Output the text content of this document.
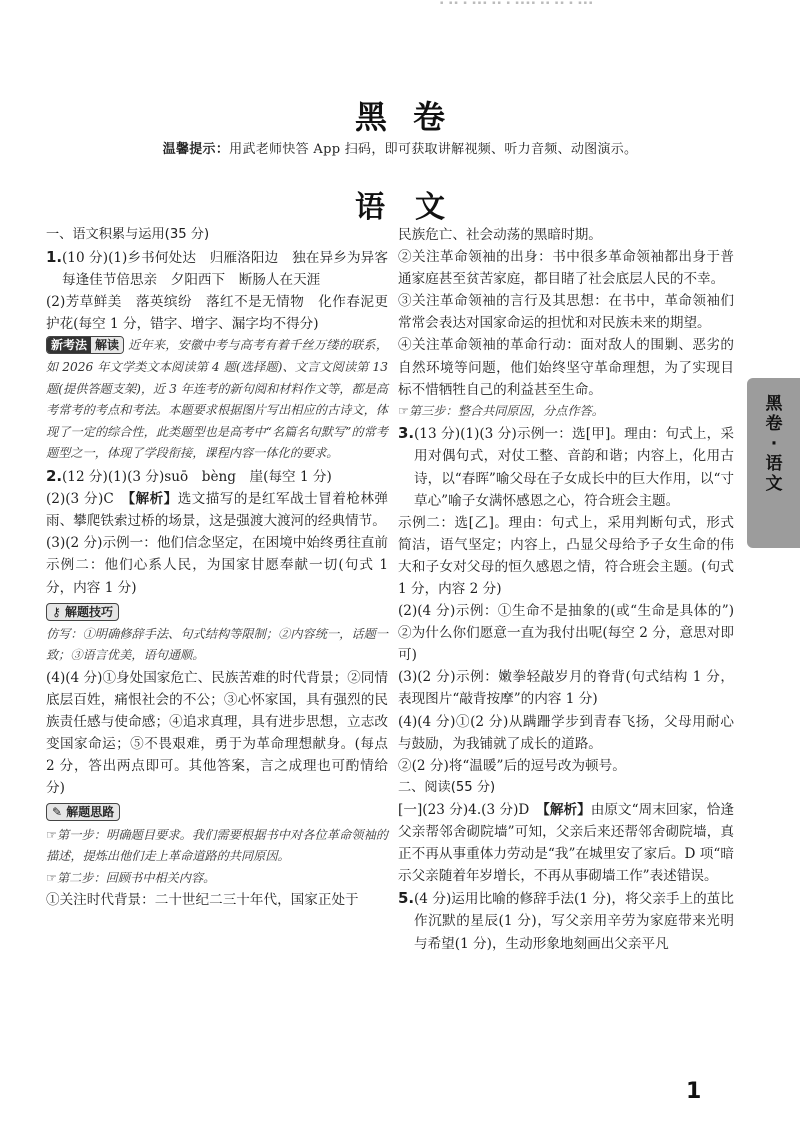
▪ ▪▪ ▪ ▪▪▪ ▪▪ ▪ ▪▪▪▪ ▪▪ ▪▪ ▪ ▪▪▪
黑卷
温馨提示：用武老师快答 App 扫码，即可获取讲解视频、听力音频、动图演示。
语文

一、语文积累与运用(35 分)

1.(10 分)(1)乡书何处达　归雁洛阳边　独在异乡为异客　每逢佳节倍思亲　夕阳西下　断肠人在天涯

(2)芳草鲜美　落英缤纷　落红不是无情物　化作春泥更护花(每空 1 分，错字、增字、漏字均不得分)

新考法 解读 近年来，安徽中考与高考有着千丝万缕的联系，如 2026 年文学类文本阅读第 4 题(选择题)、文言文阅读第 13 题(提供答题支架)，近 3 年连考的新句阅和材料作文等，都是高考常考的考点和考法。本题要求根据图片写出相应的古诗文，体现了一定的综合性，此类题型也是高考中“名篇名句默写”的常考题型之一，体现了学段衔接，课程内容一体化的要求。

2.(12 分)(1)(3 分)suō　bèng　崖(每空 1 分)

(2)(3 分)C　【解析】选文描写的是红军战士冒着枪林弹雨、攀爬铁索过桥的场景，这是强渡大渡河的经典情节。

(3)(2 分)示例一：他们信念坚定，在困境中始终勇往直前　示例二：他们心系人民，为国家甘愿奉献一切(句式 1 分，内容 1 分)

⚷ 解题技巧

仿写：①明确修辞手法、句式结构等限制；②内容统一，话题一致；③语言优美，语句通顺。

(4)(4 分)①身处国家危亡、民族苦难的时代背景；②同情底层百姓，痛恨社会的不公；③心怀家国，具有强烈的民族责任感与使命感；④追求真理，具有进步思想，立志改变国家命运；⑤不畏艰难，勇于为革命理想献身。(每点 2 分，答出两点即可。其他答案，言之成理也可酌情给分)

✎ 解题思路

☞第一步：明确题目要求。我们需要根据书中对各位革命领袖的描述，提炼出他们走上革命道路的共同原因。

☞第二步：回顾书中相关内容。

①关注时代背景：二十世纪二三十年代，国家正处于

民族危亡、社会动荡的黑暗时期。

②关注革命领袖的出身：书中很多革命领袖都出身于普通家庭甚至贫苦家庭，都目睹了社会底层人民的不幸。

③关注革命领袖的言行及其思想：在书中，革命领袖们常常会表达对国家命运的担忧和对民族未来的期望。

④关注革命领袖的革命行动：面对敌人的围剿、恶劣的自然环境等问题，他们始终坚守革命理想，为了实现目标不惜牺牲自己的利益甚至生命。

☞第三步：整合共同原因，分点作答。

3.(13 分)(1)(3 分)示例一：选[甲]。理由：句式上，采用对偶句式，对仗工整、音韵和谐；内容上，化用古诗，以“春晖”喻父母在子女成长中的巨大作用，以“寸草心”喻子女满怀感恩之心，符合班会主题。

示例二：选[乙]。理由：句式上，采用判断句式，形式简洁，语气坚定；内容上，凸显父母给予子女生命的伟大和子女对父母的恒久感恩之情，符合班会主题。(句式 1 分，内容 2 分)

(2)(4 分)示例：①生命不是抽象的(或“生命是具体的”)　②为什么你们愿意一直为我付出呢(每空 2 分，意思对即可)

(3)(2 分)示例：嫩拳轻敲岁月的脊背(句式结构 1 分，表现图片“敲背按摩”的内容 1 分)

(4)(4 分)①(2 分)从蹒跚学步到青春飞扬，父母用耐心与鼓励，为我铺就了成长的道路。

②(2 分)将“温暖”后的逗号改为顿号。

二、阅读(55 分)

[一](23 分)4.(3 分)D　【解析】由原文“周末回家，恰逢父亲帮邻舍砌院墙”可知，父亲后来还帮邻舍砌院墙，真正不再从事重体力劳动是“我”在城里安了家后。D 项“暗示父亲随着年岁增长，不再从事砌墙工作”表述错误。

5.(4 分)运用比喻的修辞手法(1 分)，将父亲手上的茧比作沉默的星辰(1 分)，写父亲用辛劳为家庭带来光明与希望(1 分)，生动形象地刻画出父亲平凡

黑卷 · 语文
1
